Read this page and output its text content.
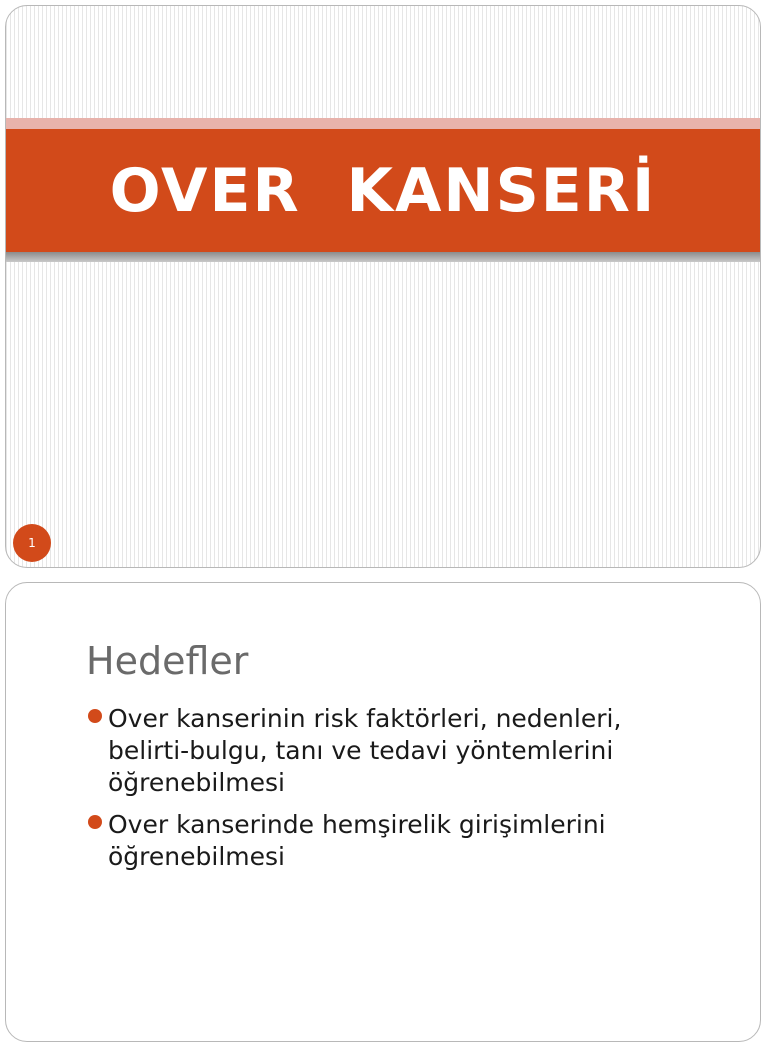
OVER  KANSERİ
1
Hedefler
Over kanserinin risk faktörleri, nedenleri, belirti-bulgu, tanı ve tedavi yöntemlerini öğrenebilmesi
Over kanserinde hemşirelik girişimlerini öğrenebilmesi
